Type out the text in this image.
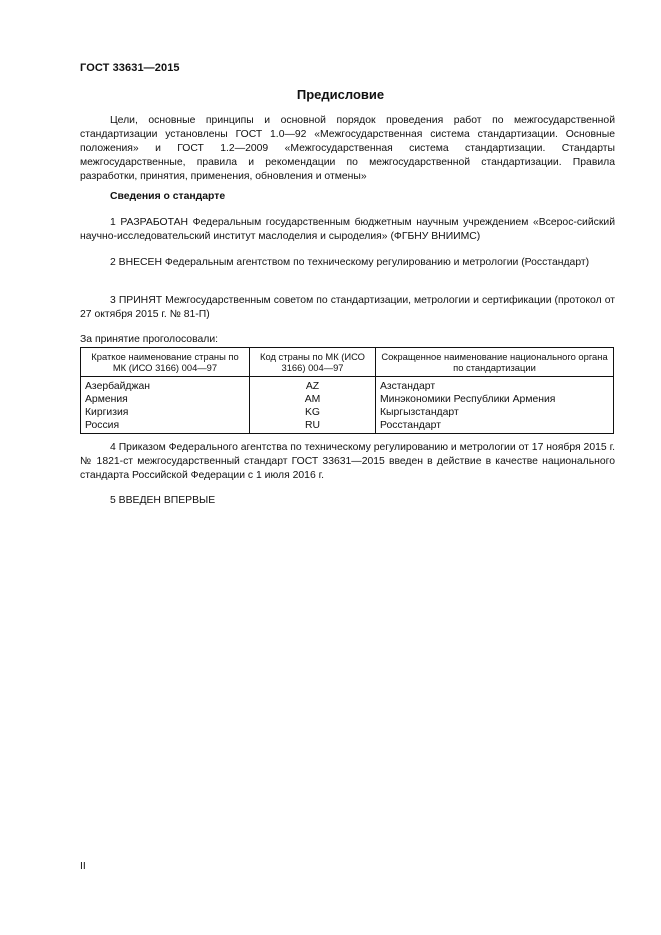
ГОСТ 33631—2015
Предисловие

Цели, основные принципы и основной порядок проведения работ по межгосударственной стандартизации установлены ГОСТ 1.0—92 «Межгосударственная система стандартизации. Основные положения» и ГОСТ 1.2—2009 «Межгосударственная система стандартизации. Стандарты межгосударственные, правила и рекомендации по межгосударственной стандартизации. Правила разработки, принятия, применения, обновления и отмены»

Сведения о стандарте

1 РАЗРАБОТАН Федеральным государственным бюджетным научным учреждением «Всерос-сийский научно-исследовательский институт маслоделия и сыроделия» (ФГБНУ ВНИИМС)

2 ВНЕСЕН Федеральным агентством по техническому регулированию и метрологии (Росстандарт)

3 ПРИНЯТ Межгосударственным советом по стандартизации, метрологии и сертификации (протокол от 27 октября 2015 г. № 81-П)

За принятие проголосовали:
Краткое наименование страны по МК (ИСО 3166) 004—97	Код страны по МК (ИСО 3166) 004—97	Сокращенное наименование национального органа по стандартизации
Азербайджан	AZ	Азстандарт
Армения	AM	Минэкономики Республики Армения
Киргизия	KG	Кыргызстандарт
Россия	RU	Росстандарт

4 Приказом Федерального агентства по техническому регулированию и метрологии от 17 ноября 2015 г. № 1821-ст межгосударственный стандарт ГОСТ 33631—2015 введен в действие в качестве национального стандарта Российской Федерации с 1 июля 2016 г.

5 ВВЕДЕН ВПЕРВЫЕ

II
